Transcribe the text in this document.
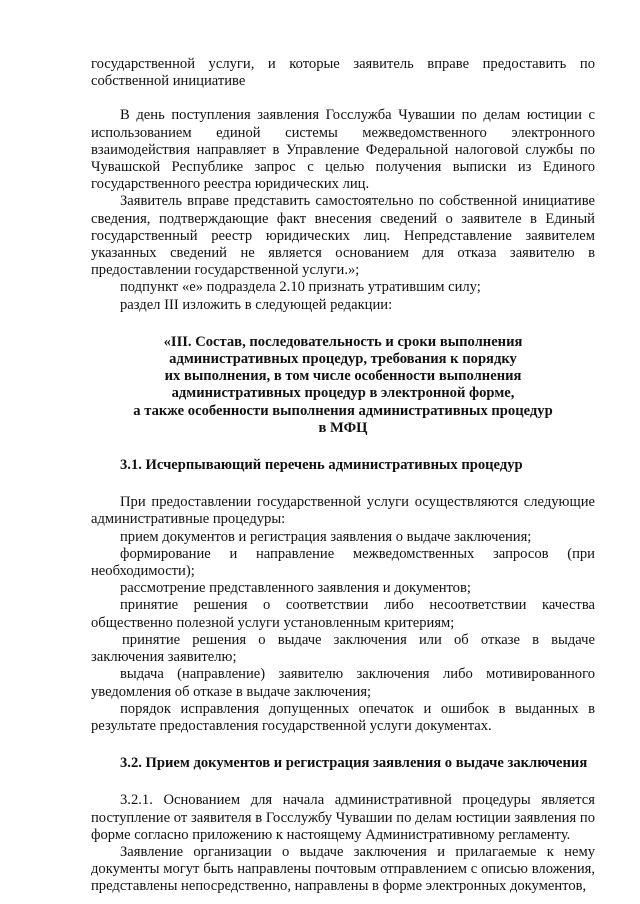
государственной услуги, и которые заявитель вправе предоставить по собственной инициативе

В день поступления заявления Госслужба Чувашии по делам юстиции с использованием единой системы межведомственного электронного взаимодействия направляет в Управление Федеральной налоговой службы по Чувашской Республике запрос с целью получения выписки из Единого государственного реестра юридических лиц.

Заявитель вправе представить самостоятельно по собственной инициативе сведения, подтверждающие факт внесения сведений о заявителе в Единый государственный реестр юридических лиц. Непредставление заявителем указанных сведений не является основанием для отказа заявителю в предоставлении государственной услуги.»;

подпункт «е» подраздела 2.10 признать утратившим силу;

раздел III изложить в следующей редакции:

«III. Состав, последовательность и сроки выполнения
административных процедур, требования к порядку
их выполнения, в том числе особенности выполнения
административных процедур в электронной форме,
а также особенности выполнения административных процедур
в МФЦ

3.1. Исчерпывающий перечень административных процедур

При предоставлении государственной услуги осуществляются следующие административные процедуры:

прием документов и регистрация заявления о выдаче заключения;

формирование и направление межведомственных запросов (при необходимости);

рассмотрение представленного заявления и документов;

принятие решения о соответствии либо несоответствии качества общественно полезной услуги установленным критериям;

принятие решения о выдаче заключения или об отказе в выдаче заключения заявителю;

выдача (направление) заявителю заключения либо мотивированного уведомления об отказе в выдаче заключения;

порядок исправления допущенных опечаток и ошибок в выданных в результате предоставления государственной услуги документах.

3.2. Прием документов и регистрация заявления о выдаче заключения

3.2.1. Основанием для начала административной процедуры является поступление от заявителя в Госслужбу Чувашии по делам юстиции заявления по форме согласно приложению к настоящему Административному регламенту.

Заявление организации о выдаче заключения и прилагаемые к нему документы могут быть направлены почтовым отправлением с описью вложения, представлены непосредственно, направлены в форме электронных документов,
